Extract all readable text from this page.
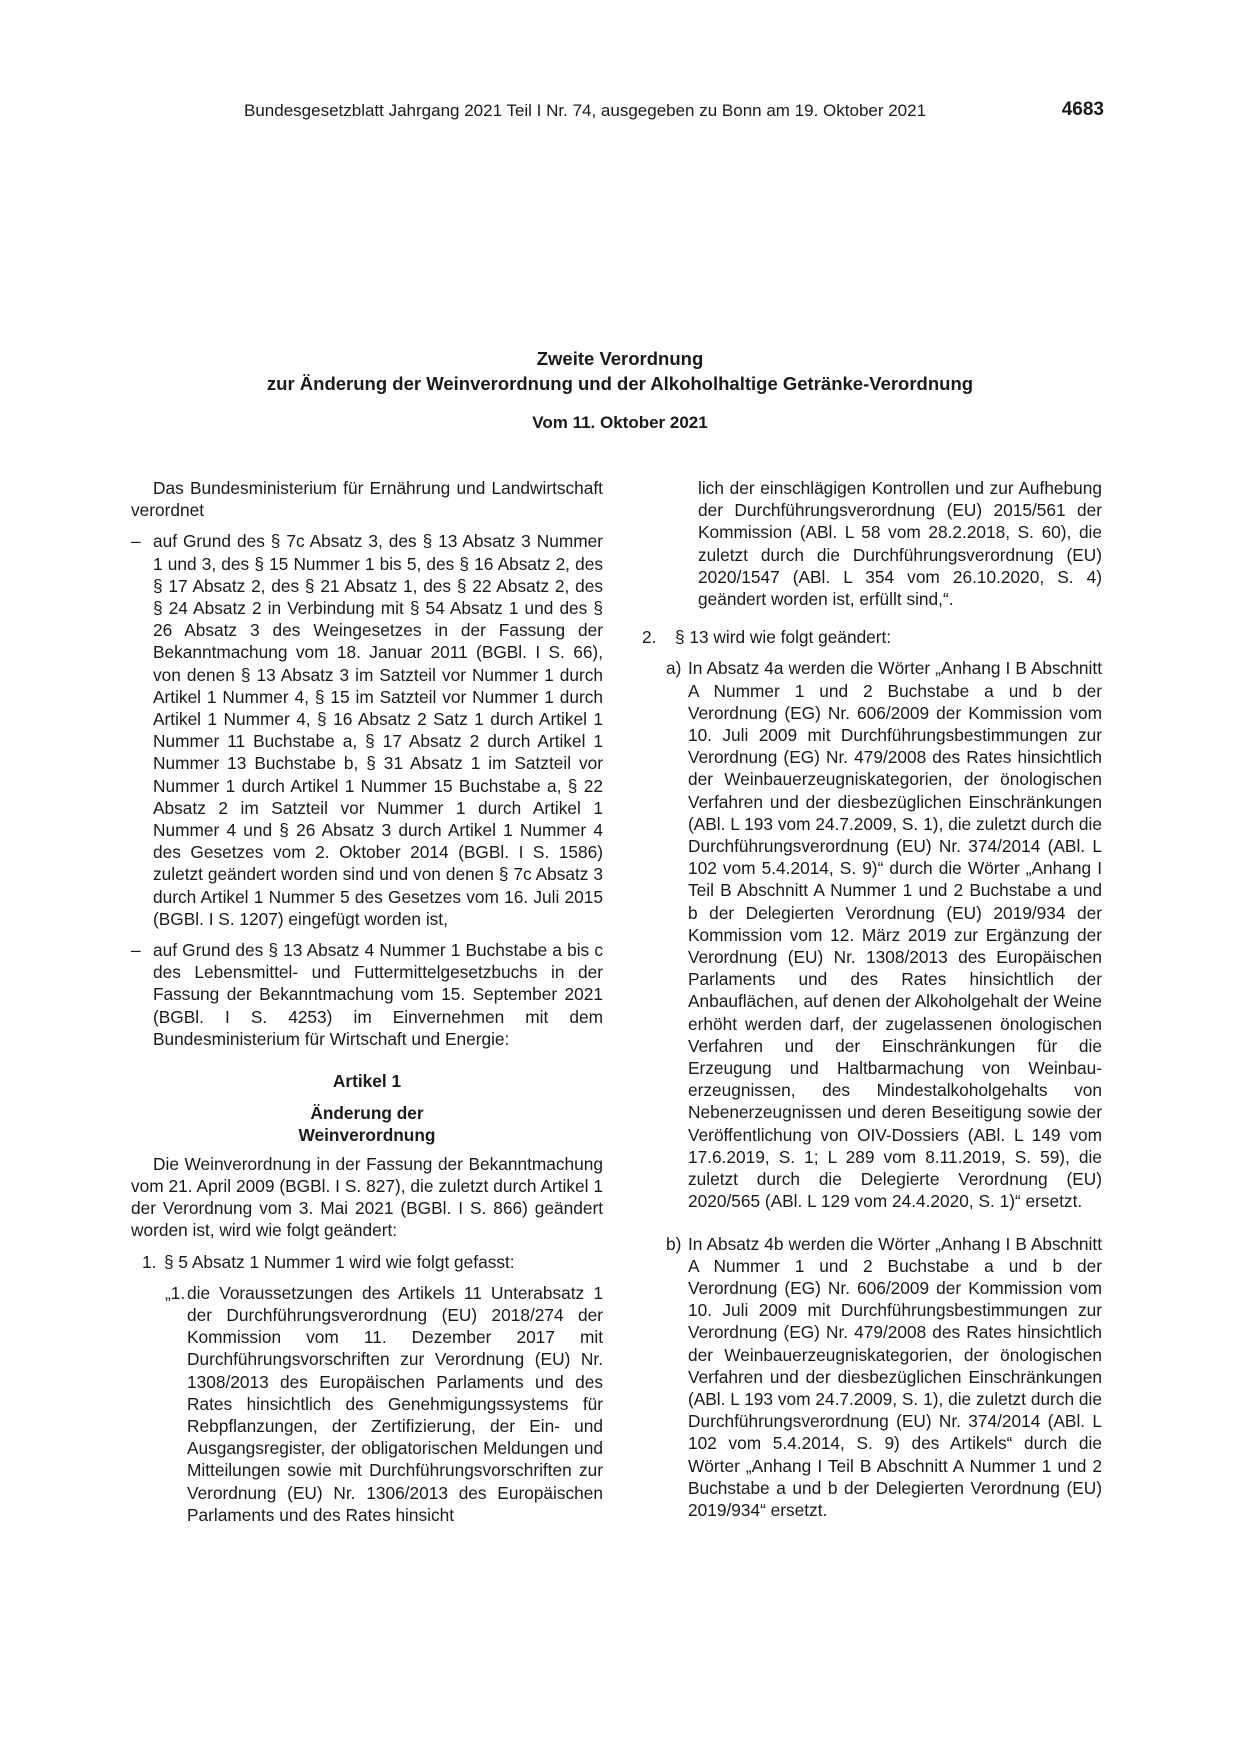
Bundesgesetzblatt Jahrgang 2021 Teil I Nr. 74, ausgegeben zu Bonn am 19. Oktober 2021	4683
Zweite Verordnung
zur Änderung der Weinverordnung und der Alkoholhaltige Getränke-Verordnung
Vom 11. Oktober 2021

Das Bundesministerium für Ernährung und Landwirtschaft verordnet

– auf Grund des § 7c Absatz 3, des § 13 Absatz 3 Nummer 1 und 3, des § 15 Nummer 1 bis 5, des § 16 Absatz 2, des § 17 Absatz 2, des § 21 Absatz 1, des § 22 Absatz 2, des § 24 Absatz 2 in Verbindung mit § 54 Absatz 1 und des § 26 Absatz 3 des Weingesetzes in der Fassung der Bekanntmachung vom 18. Januar 2011 (BGBl. I S. 66), von denen § 13 Absatz 3 im Satzteil vor Nummer 1 durch Artikel 1 Nummer 4, § 15 im Satzteil vor Nummer 1 durch Artikel 1 Nummer 4, § 16 Absatz 2 Satz 1 durch Artikel 1 Nummer 11 Buchstabe a, § 17 Absatz 2 durch Artikel 1 Nummer 13 Buchstabe b, § 31 Absatz 1 im Satzteil vor Nummer 1 durch Artikel 1 Nummer 15 Buchstabe a, § 22 Absatz 2 im Satzteil vor Nummer 1 durch Artikel 1 Nummer 4 und § 26 Absatz 3 durch Artikel 1 Nummer 4 des Gesetzes vom 2. Oktober 2014 (BGBl. I S. 1586) zuletzt geändert worden sind und von denen § 7c Absatz 3 durch Artikel 1 Nummer 5 des Gesetzes vom 16. Juli 2015 (BGBl. I S. 1207) eingefügt worden ist,

– auf Grund des § 13 Absatz 4 Nummer 1 Buchstabe a bis c des Lebensmittel- und Futtermittelgesetzbuchs in der Fassung der Bekanntmachung vom 15. September 2021 (BGBl. I S. 4253) im Einvernehmen mit dem Bundesministerium für Wirtschaft und Energie:

Artikel 1

Änderung der
Weinverordnung

Die Weinverordnung in der Fassung der Bekanntmachung vom 21. April 2009 (BGBl. I S. 827), die zuletzt durch Artikel 1 der Verordnung vom 3. Mai 2021 (BGBl. I S. 866) geändert worden ist, wird wie folgt geändert:

1. § 5 Absatz 1 Nummer 1 wird wie folgt gefasst:

„1. die Voraussetzungen des Artikels 11 Unterabsatz 1 der Durchführungsverordnung (EU) 2018/274 der Kommission vom 11. Dezember 2017 mit Durchführungsvorschriften zur Verordnung (EU) Nr. 1308/2013 des Europäischen Parlaments und des Rates hinsichtlich des Genehmigungssystems für Rebpflanzungen, der Zertifizierung, der Ein- und Ausgangsregister, der obligatorischen Meldungen und Mitteilungen sowie mit Durchführungsvorschriften zur Verordnung (EU) Nr. 1306/2013 des Europäischen Parlaments und des Rates hinsicht

lich der einschlägigen Kontrollen und zur Aufhebung der Durchführungsverordnung (EU) 2015/561 der Kommission (ABl. L 58 vom 28.2.2018, S. 60), die zuletzt durch die Durchführungsverordnung (EU) 2020/1547 (ABl. L 354 vom 26.10.2020, S. 4) geändert worden ist, erfüllt sind,“.

2.	§ 13 wird wie folgt geändert:

a) In Absatz 4a werden die Wörter „Anhang I B Abschnitt A Nummer 1 und 2 Buchstabe a und b der Verordnung (EG) Nr. 606/2009 der Kommission vom 10. Juli 2009 mit Durchführungsbestimmungen zur Verordnung (EG) Nr. 479/2008 des Rates hinsichtlich der Weinbauerzeugniskategorien, der önologischen Verfahren und der diesbezüglichen Einschränkungen (ABl. L 193 vom 24.7.2009, S. 1), die zuletzt durch die Durchführungsverordnung (EU) Nr. 374/2014 (ABl. L 102 vom 5.4.2014, S. 9)“ durch die Wörter „Anhang I Teil B Abschnitt A Nummer 1 und 2 Buchstabe a und b der Delegierten Verordnung (EU) 2019/934 der Kommission vom 12. März 2019 zur Ergänzung der Verordnung (EU) Nr. 1308/2013 des Europäischen Parlaments und des Rates hinsichtlich der Anbauflächen, auf denen der Alkoholgehalt der Weine erhöht werden darf, der zugelassenen önologischen Verfahren und der Einschränkungen für die Erzeugung und Haltbarmachung von Weinbauerzeugnissen, des Mindestalkoholgehalts von Nebenerzeugnissen und deren Beseitigung sowie der Veröffentlichung von OIV-Dossiers (ABl. L 149 vom 17.6.2019, S. 1; L 289 vom 8.11.2019, S. 59), die zuletzt durch die Delegierte Verordnung (EU) 2020/565 (ABl. L 129 vom 24.4.2020, S. 1)“ ersetzt.

b) In Absatz 4b werden die Wörter „Anhang I B Abschnitt A Nummer 1 und 2 Buchstabe a und b der Verordnung (EG) Nr. 606/2009 der Kommission vom 10. Juli 2009 mit Durchführungsbestimmungen zur Verordnung (EG) Nr. 479/2008 des Rates hinsichtlich der Weinbauerzeugniskategorien, der önologischen Verfahren und der diesbezüglichen Einschränkungen (ABl. L 193 vom 24.7.2009, S. 1), die zuletzt durch die Durchführungsverordnung (EU) Nr. 374/2014 (ABl. L 102 vom 5.4.2014, S. 9) des Artikels“ durch die Wörter „Anhang I Teil B Abschnitt A Nummer 1 und 2 Buchstabe a und b der Delegierten Verordnung (EU) 2019/934“ ersetzt.
